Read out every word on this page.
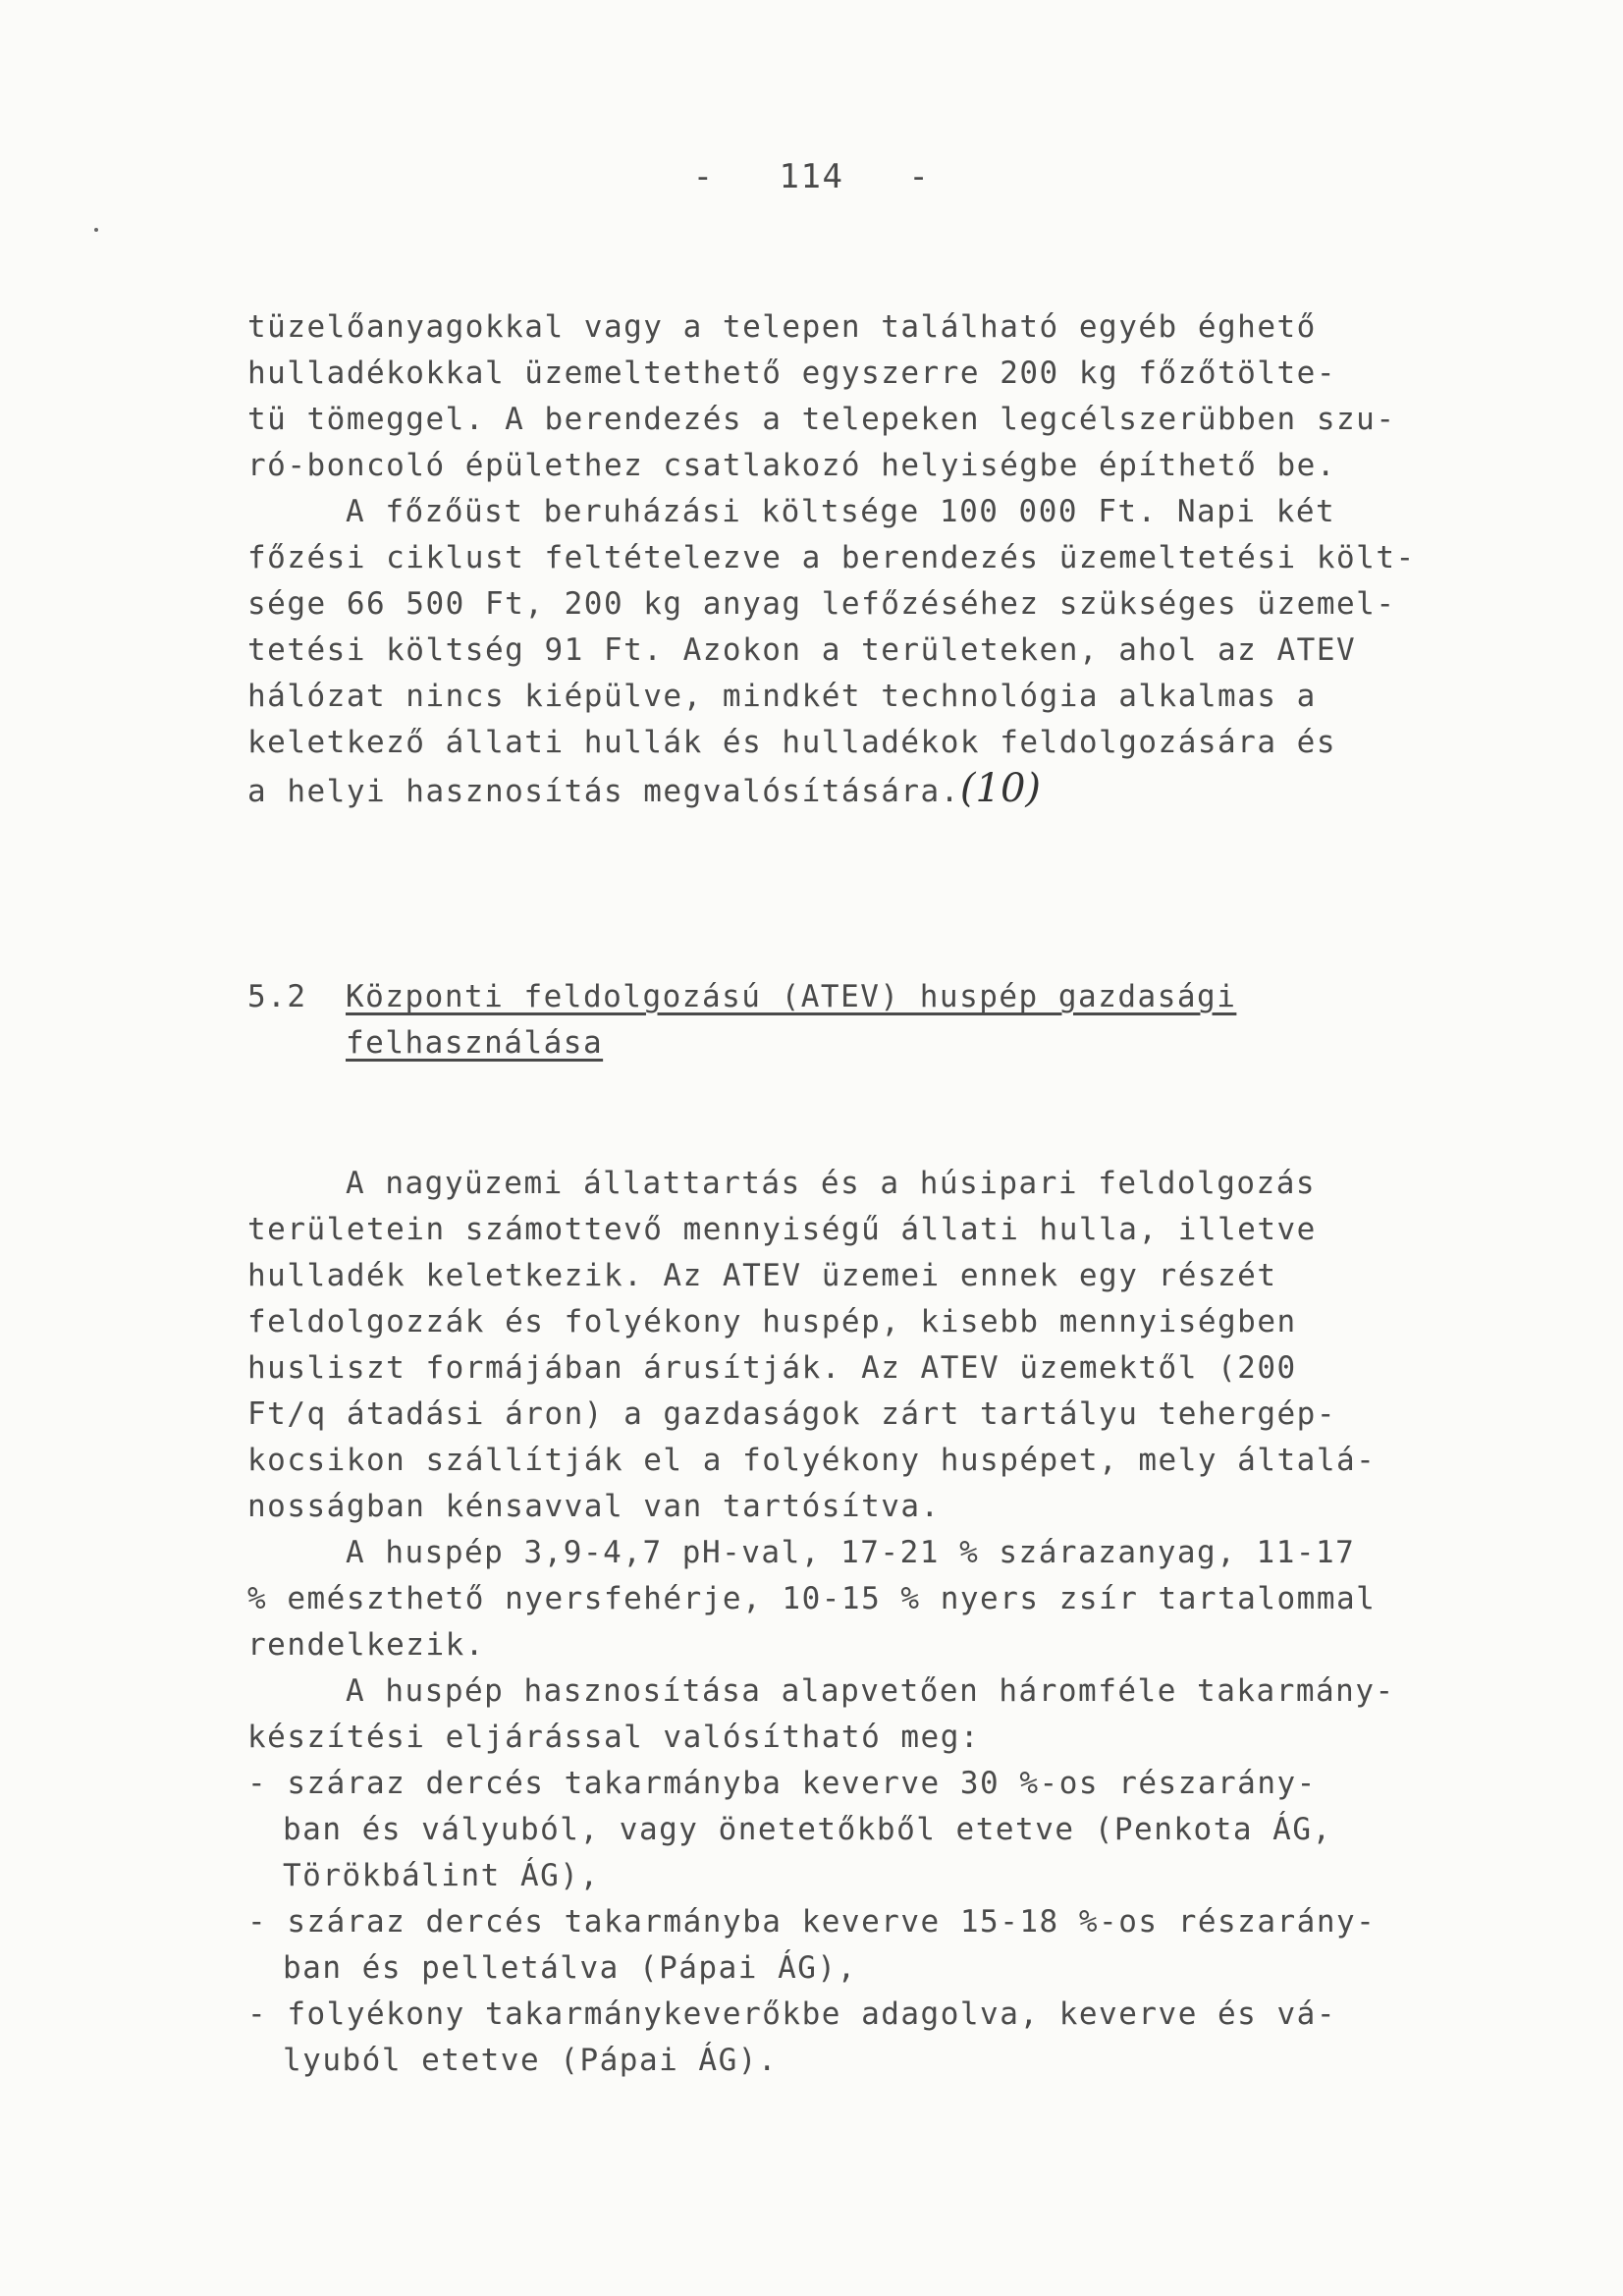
-   114   -
tüzelőanyagokkal vagy a telepen található egyéb éghető
hulladékokkal üzemeltethető egyszerre 200 kg főzőtölte-
tü tömeggel. A berendezés a telepeken legcélszerübben szu-
ró-boncoló épülethez csatlakozó helyiségbe építhető be.
A főzőüst beruházási költsége 100 000 Ft. Napi két
főzési ciklust feltételezve a berendezés üzemeltetési költ-
sége 66 500 Ft, 200 kg anyag lefőzéséhez szükséges üzemel-
tetési költség 91 Ft. Azokon a területeken, ahol az ATEV
hálózat nincs kiépülve, mindkét technológia alkalmas a
keletkező állati hullák és hulladékok feldolgozására és
a helyi hasznosítás megvalósítására.(10)
5.2 Központi feldolgozású (ATEV) huspép gazdasági
felhasználása
A nagyüzemi állattartás és a húsipari feldolgozás
területein számottevő mennyiségű állati hulla, illetve
hulladék keletkezik. Az ATEV üzemei ennek egy részét
feldolgozzák és folyékony huspép, kisebb mennyiségben
husliszt formájában árusítják. Az ATEV üzemektől (200
Ft/q átadási áron) a gazdaságok zárt tartályu tehergép-
kocsikon szállítják el a folyékony huspépet, mely általá-
nosságban kénsavval van tartósítva.
A huspép 3,9-4,7 pH-val, 17-21 % szárazanyag, 11-17
% emészthető nyersfehérje, 10-15 % nyers zsír tartalommal
rendelkezik.
A huspép hasznosítása alapvetően háromféle takarmány-
készítési eljárással valósítható meg:
- száraz dercés takarmányba keverve 30 %-os részarány-
ban és vályuból, vagy önetetőkből etetve (Penkota ÁG,
Törökbálint ÁG),
- száraz dercés takarmányba keverve 15-18 %-os részarány-
ban és pelletálva (Pápai ÁG),
- folyékony takarmánykeverőkbe adagolva, keverve és vá-
lyuból etetve (Pápai ÁG).
